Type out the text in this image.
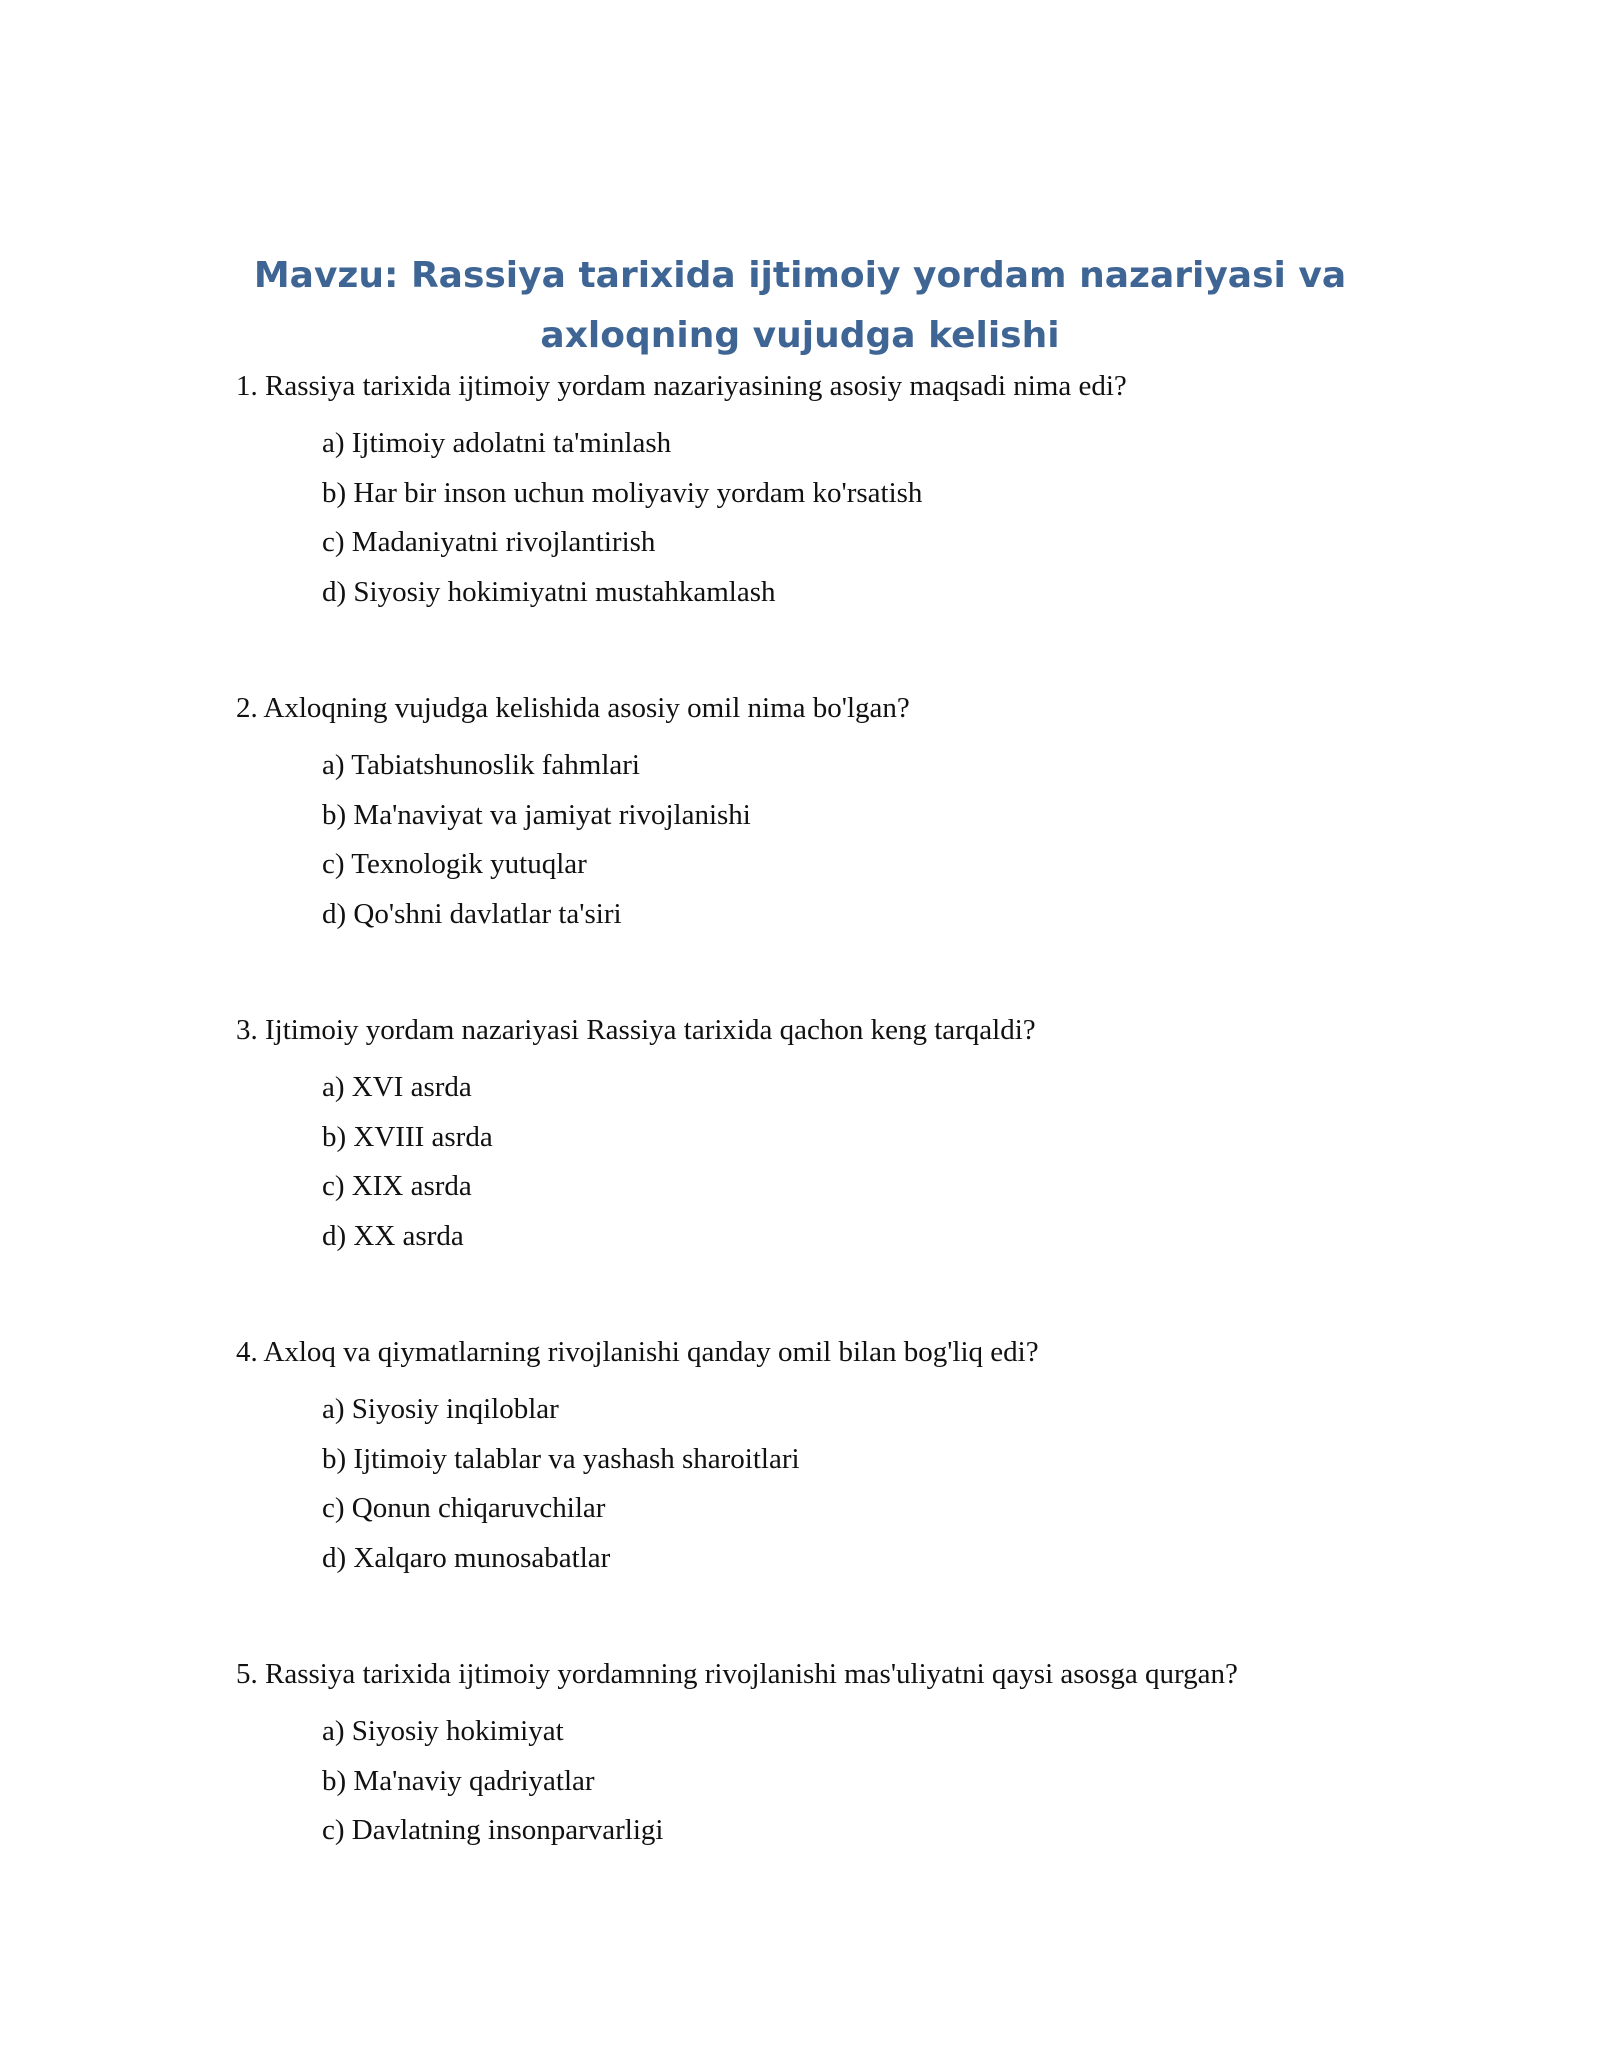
Mavzu: Rassiya tarixida ijtimoiy yordam nazariyasi va axloqning vujudga kelishi
1. Rassiya tarixida ijtimoiy yordam nazariyasining asosiy maqsadi nima edi?
a) Ijtimoiy adolatni ta'minlash
b) Har bir inson uchun moliyaviy yordam ko'rsatish
c) Madaniyatni rivojlantirish
d) Siyosiy hokimiyatni mustahkamlash
2. Axloqning vujudga kelishida asosiy omil nima bo'lgan?
a) Tabiatshunoslik fahmlari
b) Ma'naviyat va jamiyat rivojlanishi
c) Texnologik yutuqlar
d) Qo'shni davlatlar ta'siri
3. Ijtimoiy yordam nazariyasi Rassiya tarixida qachon keng tarqaldi?
a) XVI asrda
b) XVIII asrda
c) XIX asrda
d) XX asrda
4. Axloq va qiymatlarning rivojlanishi qanday omil bilan bog'liq edi?
a) Siyosiy inqiloblar
b) Ijtimoiy talablar va yashash sharoitlari
c) Qonun chiqaruvchilar
d) Xalqaro munosabatlar
5. Rassiya tarixida ijtimoiy yordamning rivojlanishi mas'uliyatni qaysi asosga qurgan?
a) Siyosiy hokimiyat
b) Ma'naviy qadriyatlar
c) Davlatning insonparvarligi
